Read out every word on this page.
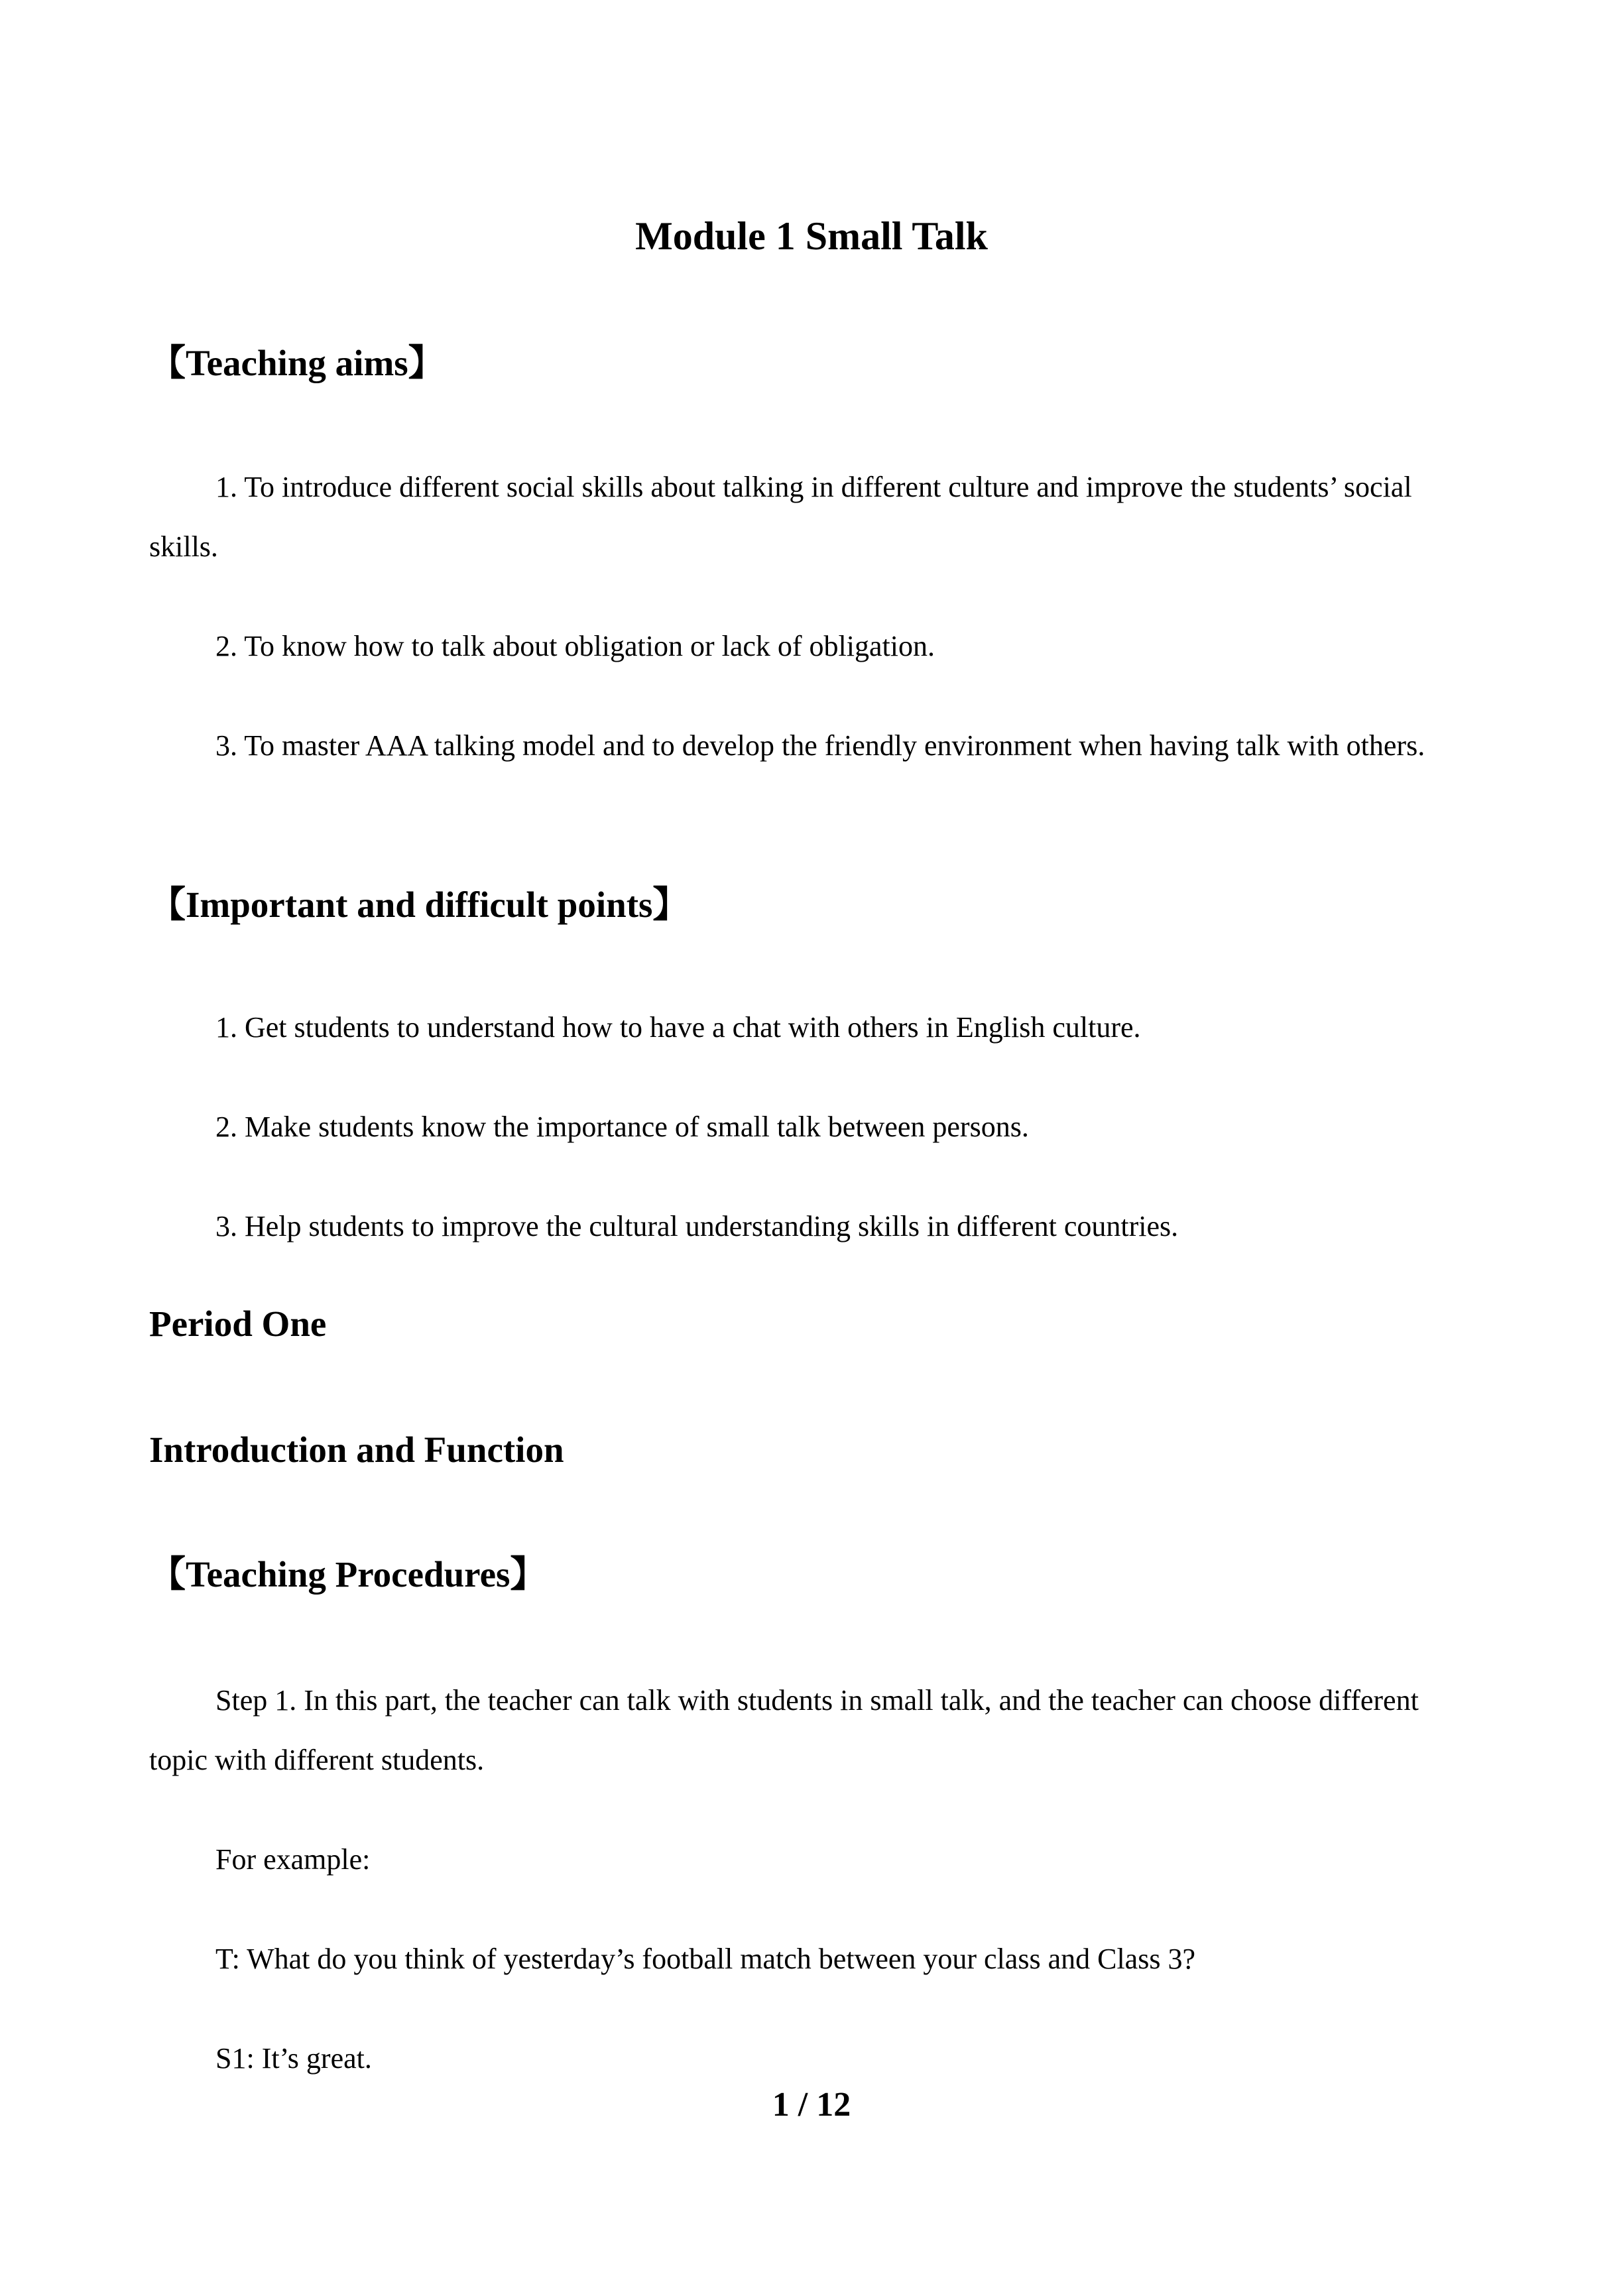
Module 1 Small Talk
【Teaching aims】

1. To introduce different social skills about talking in different culture and improve the students’ social skills.

2. To know how to talk about obligation or lack of obligation.

3. To master AAA talking model and to develop the friendly environment when having talk with others.

【Important and difficult points】

1. Get students to understand how to have a chat with others in English culture.

2. Make students know the importance of small talk between persons.

3. Help students to improve the cultural understanding skills in different countries.

Period One
Introduction and Function
【Teaching Procedures】

Step 1. In this part, the teacher can talk with students in small talk, and the teacher can choose different topic with different students.

For example:

T: What do you think of yesterday’s football match between your class and Class 3?

S1: It’s great.

1 / 12
